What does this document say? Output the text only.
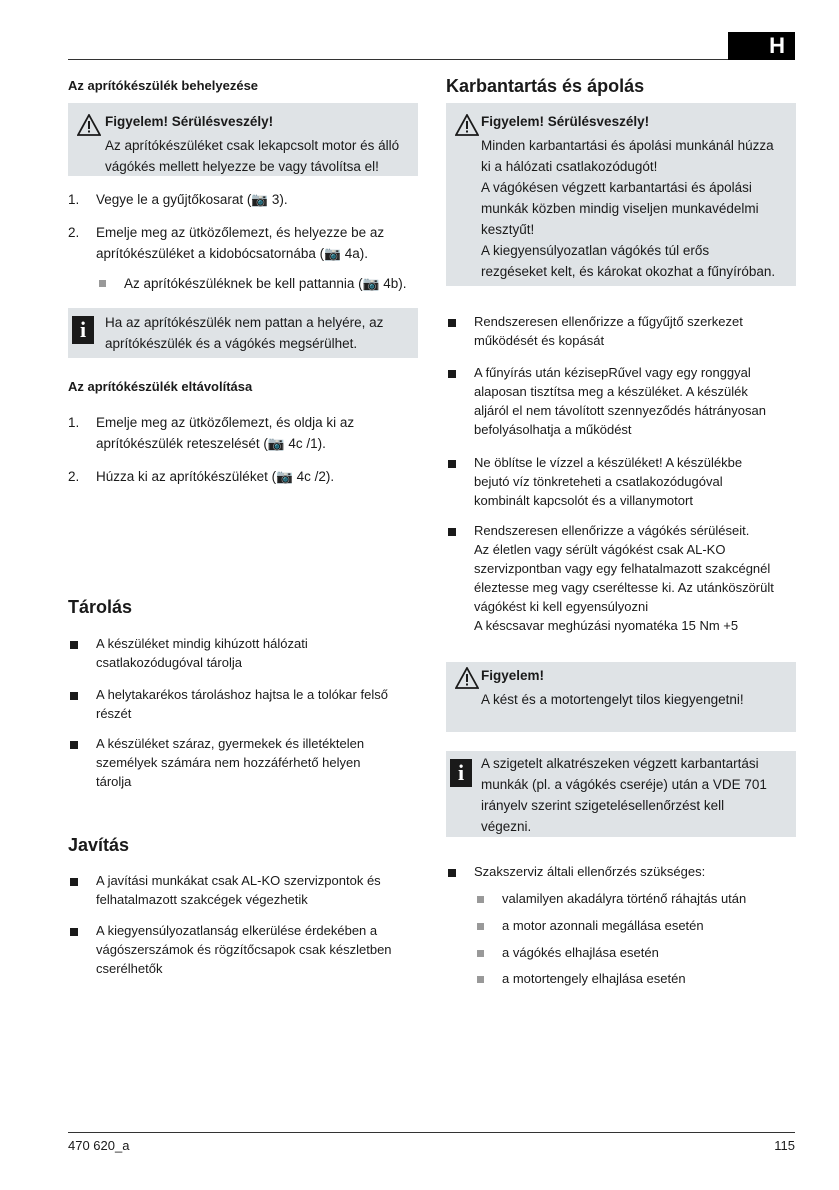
H
Az aprítókészülék behelyezése
Figyelem! Sérülésveszély!
Az aprítókészüléket csak lekapcsolt motor és álló
vágókés mellett helyezze be vagy távolítsa el!
1. Vegye le a gyűjtőkosarat (📷 3).
2. Emelje meg az ütközőlemezt, és helyezze be az
aprítókészüléket a kidobócsatornába (📷 4a).
Az aprítókészüléknek be kell pattannia (📷 4b).
i	Ha az aprítókészülék nem pattan a helyére, az
aprítókészülék és a vágókés megsérülhet.
Az aprítókészülék eltávolítása
1. Emelje meg az ütközőlemezt, és oldja ki az
aprítókészülék reteszelését (📷 4c /1).
2. Húzza ki az aprítókészüléket (📷 4c /2).
Tárolás
A készüléket mindig kihúzott hálózati
csatlakozódugóval tárolja
A helytakarékos tároláshoz hajtsa le a tolókar felső
részét
A készüléket száraz, gyermekek és illetéktelen
személyek számára nem hozzáférhető helyen
tárolja
Javítás
A javítási munkákat csak AL-KO szervizpontok és
felhatalmazott szakcégek végezhetik
A kiegyensúlyozatlanság elkerülése érdekében a
vágószerszámok és rögzítőcsapok csak készletben
cserélhetők
Karbantartás és ápolás
Figyelem! Sérülésveszély!
Minden karbantartási és ápolási munkánál húzza
ki a hálózati csatlakozódugót!
A vágókésen végzett karbantartási és ápolási
munkák közben mindig viseljen munkavédelmi
kesztyűt!
A kiegyensúlyozatlan vágókés túl erős
rezgéseket kelt, és károkat okozhat a fűnyíróban.
Rendszeresen ellenőrizze a fűgyűjtő szerkezet
működését és kopását
A fűnyírás után kézisepRűvel vagy egy ronggyal
alaposan tisztítsa meg a készüléket. A készülék
aljáról el nem távolított szennyeződés hátrányosan
befolyásolhatja a működést
Ne öblítse le vízzel a készüléket! A készülékbe
bejutó víz tönkreteheti a csatlakozódugóval
kombinált kapcsolót és a villanymotort
Rendszeresen ellenőrizze a vágókés sérüléseit.
Az életlen vagy sérült vágókést csak AL-KO
szervizpontban vagy egy felhatalmazott szakcégnél
éleztesse meg vagy cseréltesse ki. Az utánköszörült
vágókést ki kell egyensúlyozni
A késcsavar meghúzási nyomatéka 15 Nm +5
Figyelem!
A kést és a motortengelyt tilos kiegyengetni!
i	A szigetelt alkatrészeken végzett karbantartási
munkák (pl. a vágókés cseréje) után a VDE 701
irányelv szerint szigetelésellenőrzést kell
végezni.
Szakszerviz általi ellenőrzés szükséges:
valamilyen akadályra történő ráhajtás után
a motor azonnali megállása esetén
a vágókés elhajlása esetén
a motortengely elhajlása esetén
470 620_a	115
